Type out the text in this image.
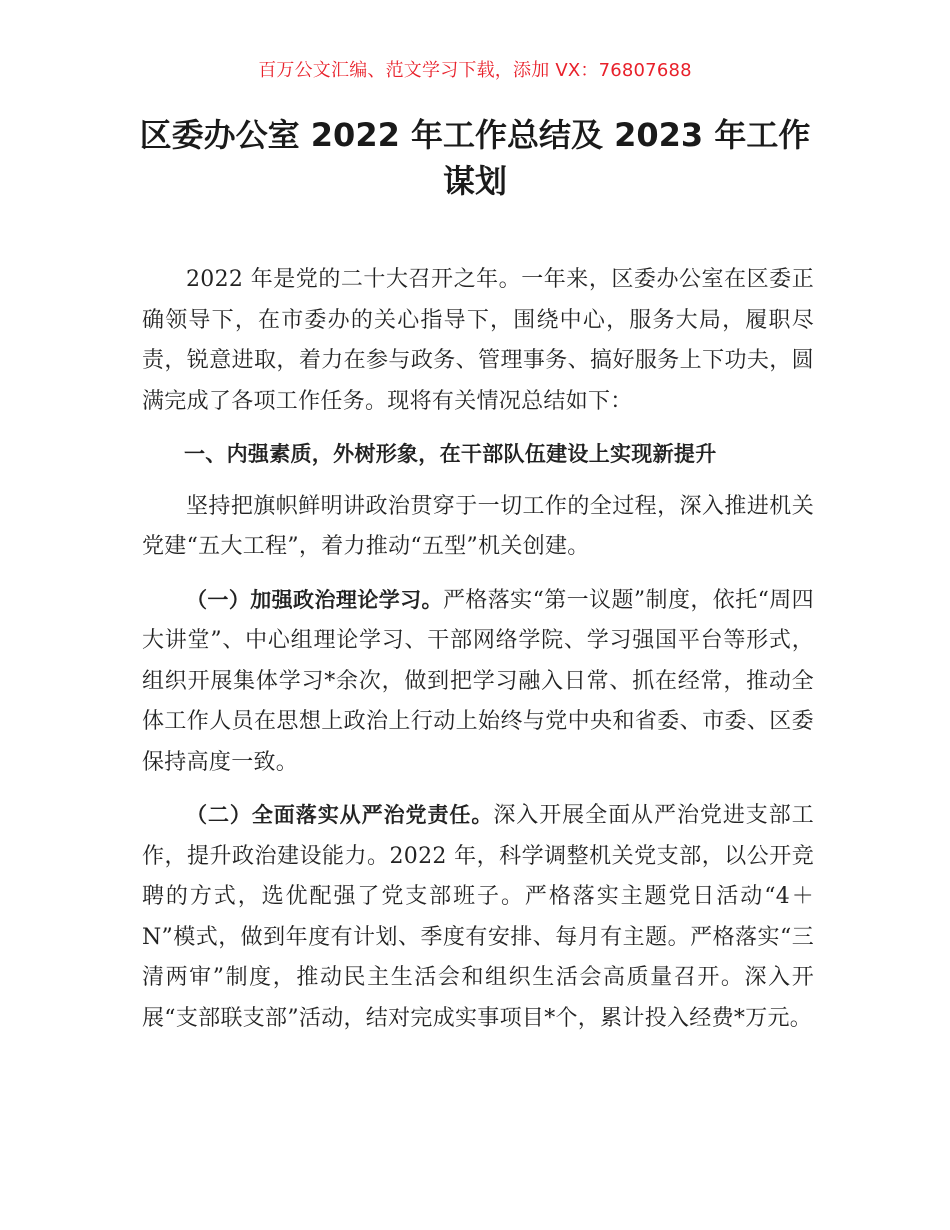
百万公文汇编、范文学习下载，添加 VX：76807688
区委办公室 2022 年工作总结及 2023 年工作谋划

2022 年是党的二十大召开之年。一年来，区委办公室在区委正确领导下，在市委办的关心指导下，围绕中心，服务大局，履职尽责，锐意进取，着力在参与政务、管理事务、搞好服务上下功夫，圆满完成了各项工作任务。现将有关情况总结如下：

一、内强素质，外树形象，在干部队伍建设上实现新提升

坚持把旗帜鲜明讲政治贯穿于一切工作的全过程，深入推进机关党建“五大工程”，着力推动“五型”机关创建。

（一）加强政治理论学习。严格落实“第一议题”制度，依托“周四大讲堂”、中心组理论学习、干部网络学院、学习强国平台等形式，组织开展集体学习*余次，做到把学习融入日常、抓在经常，推动全体工作人员在思想上政治上行动上始终与党中央和省委、市委、区委保持高度一致。

（二）全面落实从严治党责任。深入开展全面从严治党进支部工作，提升政治建设能力。2022 年，科学调整机关党支部，以公开竞聘的方式，选优配强了党支部班子。严格落实主题党日活动“4＋N”模式，做到年度有计划、季度有安排、每月有主题。严格落实“三清两审”制度，推动民主生活会和组织生活会高质量召开。深入开展“支部联支部”活动，结对完成实事项目*个，累计投入经费*万元。
